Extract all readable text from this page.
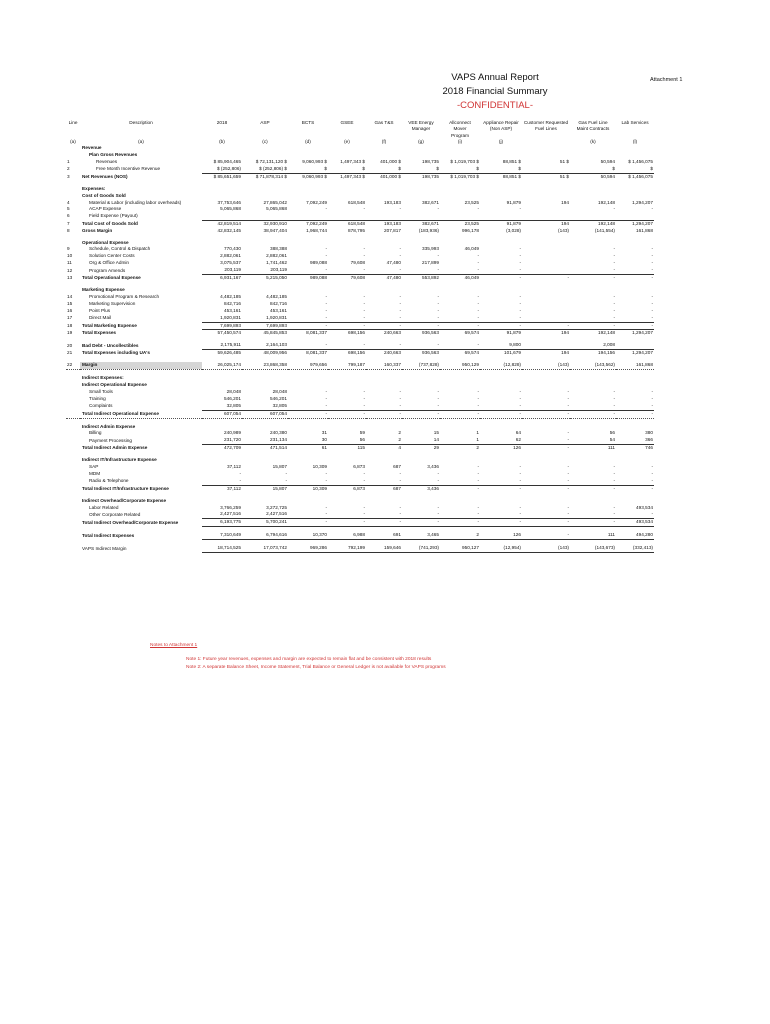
Attachment 1
VAPS Annual Report
2018 Financial Summary
-CONFIDENTIAL-
Line	Description	2018	ASP	BCTS	GSEE	Gas T&S	VEE Energy	Allconnect	Appliance Repair	Customer Requested	Gas Fuel Line	Lab Services
							Manager	Mover	(Non ASP)	Fuel Lines	Maint Contracts	
								Program				

(a)	(a)	(b)	(c)	(d)	(e)	(f)	(g)	(i)	(j)		(k)	(l)
	Revenue											
	Plan Gross Revenues											
1	Revenues	$ 85,904,465	$ 72,131,120 $	9,060,993 $	1,497,343 $	401,000 $	198,735	$ 1,019,703 $	88,851 $	51 $	50,594	$ 1,456,075
2	Free Month Incentive Revenue	$ (252,806)	$ (252,806) $	$	$	$	$	$	$		$	$
3	Net Revenues (NOS)	$ 85,651,659	$ 71,878,314 $	9,060,993 $	1,497,343 $	401,000 $	198,735	$ 1,019,703 $	88,851 $	51 $	50,594	$ 1,456,075

	Expenses:											
	Cost of Goods Sold											
4	Material & Labor (including labor overheads)	37,753,646	27,865,042	7,092,249	618,548	193,183	382,671	23,525	91,879	194	192,148	1,294,207
5	ACAP Expense	5,065,868	5,065,868	-	-	-	-	-	-		-	-
6	Field Expense (Payout)											
7	Total Cost of Goods Sold	42,819,514	32,930,910	7,092,249	618,548	193,183	382,671	23,525	91,879	194	192,148	1,294,207
8	Gross Margin	42,832,145	38,947,404	1,968,744	878,795	207,817	(183,936)	996,178	(3,028)	(143)	(141,554)	161,868

	Operational Expense											
9	Schedule, Control & Dispatch	770,430	388,388	-	-	-	335,993	46,049	-		-	-
10	Solution Center Costs	2,882,061	2,882,061	-	-	-	-	-	-		-	-
11	Org & Office Admin	3,075,537	1,741,462	989,088	79,608	47,480	217,899	-	-		-	-
12	Program Amends	203,119	203,119	-	-	-	-	-	-		-	-
13	Total Operational Expense	6,931,167	5,215,050	989,088	79,608	47,480	553,892	46,049	-	-	-	-

	Marketing Expense											
14	Promotional Program & Research	4,482,185	4,482,185	-	-	-	-	-	-		-	-
15	Marketing Supervision	842,716	842,716	-	-	-	-	-	-		-	-
16	Point Plus	453,161	453,161	-	-	-	-	-	-		-	-
17	Direct Mail	1,920,831	1,920,831	-	-	-	-	-	-		-	-
18	Total Marketing Expense	7,699,893	7,699,893	-	-	-	-	-	-	-	-	-
19	Total Expenses	57,450,574	45,845,853	8,081,337	698,156	240,663	936,563	69,574	91,879	194	192,148	1,294,207

20	Bad Debt - Uncollectibles	2,175,911	2,164,103	-	-	-	-	-	9,800		2,008	
21	Total Expenses including UA's	59,626,485	48,009,956	8,081,337	698,156	240,663	936,563	69,574	101,679	194	194,156	1,294,207

22	Margin	26,025,174	23,868,358	979,656	799,187	160,337	(737,828)	950,129	(12,828)	(143)	(143,562)	161,868

	Indirect Expenses:											
	Indirect Operational Expense											
	Small Tools	28,048	28,048	-	-	-	-	-	-	-	-	-
	Training	546,201	546,201	-	-	-	-	-	-	-	-	-
	Complaints	32,805	32,805	-	-	-	-	-	-	-	-	-
	Total Indirect Operational Expense	607,054	607,054	-	-	-	-	-	-	-	-	-

	Indirect Admin Expense											
	Billing	240,989	240,380	31	59	2	15	1	64	-	56	380
	Payment Processing	231,720	231,134	30	56	2	14	1	62	-	54	366
	Total Indirect Admin Expense	472,709	471,514	61	115	4	29	2	126	-	111	746

	Indirect IT/Infrastructure Expense											
	SAP	37,112	15,807	10,309	6,873	687	3,436	-	-	-	-	-
	MDM	-	-	-	-	-	-	-	-	-	-	-
	Radio & Telephone	-	-	-	-	-	-	-	-	-	-	-
	Total Indirect IT/Infrastructure Expense	37,112	15,807	10,309	6,873	687	3,436	-	-	-	-	-

	Indirect Overhead/Corporate Expense											
	Labor Related	3,766,259	3,272,725	-	-	-	-	-	-	-	-	493,534
	Other Corporate Related	2,427,516	2,427,516	-	-	-	-	-	-	-	-	-
	Total Indirect Overhead/Corporate Expense	6,193,775	5,700,241	-	-	-	-	-	-	-	-	493,534

	Total Indirect Expenses	7,310,649	6,794,616	10,370	6,988	691	3,465	2	126	-	111	494,280

	VAPS Indirect Margin	18,714,525	17,073,742	969,286	792,199	159,646	(741,293)	950,127	(12,954)	(143)	(143,673)	(332,413)
Notes to Attachment 1
Note 1: Future year revenues, expenses and margin are expected to remain flat and be consistent with 2018 results
Note 2: A separate Balance Sheet, Income Statement, Trial Balance or General Ledger is not available for VAPS programs
